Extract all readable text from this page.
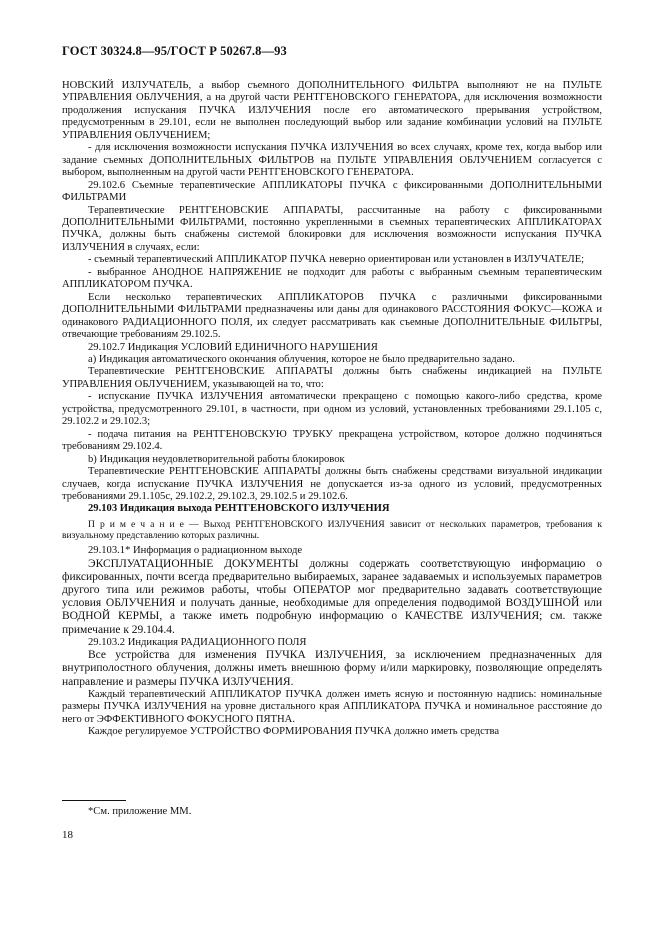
ГОСТ 30324.8—95/ГОСТ Р 50267.8—93

НОВСКИЙ ИЗЛУЧАТЕЛЬ, а выбор съемного ДОПОЛНИТЕЛЬНОГО ФИЛЬТРА выполняют не на ПУЛЬТЕ УПРАВЛЕНИЯ ОБЛУЧЕНИЯ, а на другой части РЕНТГЕНОВСКОГО ГЕНЕРАТОРА, для исключения возможности продолжения испускания ПУЧКА ИЗЛУЧЕНИЯ после его автоматического прерывания устройством, предусмотренным в 29.101, если не выполнен последующий выбор или задание комбинации условий на ПУЛЬТЕ УПРАВЛЕНИЯ ОБЛУЧЕНИЕМ;

- для исключения возможности испускания ПУЧКА ИЗЛУЧЕНИЯ во всех случаях, кроме тех, когда выбор или задание съемных ДОПОЛНИТЕЛЬНЫХ ФИЛЬТРОВ на ПУЛЬТЕ УПРАВЛЕНИЯ ОБЛУЧЕНИЕМ согласуется с выбором, выполненным на другой части РЕНТГЕНОВСКОГО ГЕНЕРАТОРА.

29.102.6 Съемные терапевтические АППЛИКАТОРЫ ПУЧКА с фиксированными ДОПОЛНИТЕЛЬНЫМИ ФИЛЬТРАМИ

Терапевтические РЕНТГЕНОВСКИЕ АППАРАТЫ, рассчитанные на работу с фиксированными ДОПОЛНИТЕЛЬНЫМИ ФИЛЬТРАМИ, постоянно укрепленными в съемных терапевтических АППЛИКАТОРАХ ПУЧКА, должны быть снабжены системой блокировки для исключения возможности испускания ПУЧКА ИЗЛУЧЕНИЯ в случаях, если:

- съемный терапевтический АППЛИКАТОР ПУЧКА неверно ориентирован или установлен в ИЗЛУЧАТЕЛЕ;

- выбранное АНОДНОЕ НАПРЯЖЕНИЕ не подходит для работы с выбранным съемным терапевтическим АППЛИКАТОРОМ ПУЧКА.

Если несколько терапевтических АППЛИКАТОРОВ ПУЧКА с различными фиксированными ДОПОЛНИТЕЛЬНЫМИ ФИЛЬТРАМИ предназначены или даны для одинакового РАССТОЯНИЯ ФОКУС—КОЖА и одинакового РАДИАЦИОННОГО ПОЛЯ, их следует рассматривать как съемные ДОПОЛНИТЕЛЬНЫЕ ФИЛЬТРЫ, отвечающие требованиям 29.102.5.

29.102.7 Индикация УСЛОВИЙ ЕДИНИЧНОГО НАРУШЕНИЯ

а) Индикация автоматического окончания облучения, которое не было предварительно задано.

Терапевтические РЕНТГЕНОВСКИЕ АППАРАТЫ должны быть снабжены индикацией на ПУЛЬТЕ УПРАВЛЕНИЯ ОБЛУЧЕНИЕМ, указывающей на то, что:

- испускание ПУЧКА ИЗЛУЧЕНИЯ автоматически прекращено с помощью какого-либо средства, кроме устройства, предусмотренного 29.101, в частности, при одном из условий, установленных требованиями 29.1.105 с, 29.102.2 и 29.102.3;

- подача питания на РЕНТГЕНОВСКУЮ ТРУБКУ прекращена устройством, которое должно подчиняться требованиям 29.102.4.

b) Индикация неудовлетворительной работы блокировок

Терапевтические РЕНТГЕНОВСКИЕ АППАРАТЫ должны быть снабжены средствами визуальной индикации случаев, когда испускание ПУЧКА ИЗЛУЧЕНИЯ не допускается из-за одного из условий, предусмотренных требованиями 29.1.105с, 29.102.2, 29.102.3, 29.102.5 и 29.102.6.

29.103 Индикация выхода РЕНТГЕНОВСКОГО ИЗЛУЧЕНИЯ

П р и м е ч а н и е — Выход РЕНТГЕНОВСКОГО ИЗЛУЧЕНИЯ зависит от нескольких параметров, требования к визуальному представлению которых различны.

29.103.1* Информация о радиационном выходе

ЭКСПЛУАТАЦИОННЫЕ ДОКУМЕНТЫ должны содержать соответствующую информацию о фиксированных, почти всегда предварительно выбираемых, заранее задаваемых и используемых параметров другого типа или режимов работы, чтобы ОПЕРАТОР мог предварительно задавать соответствующие условия ОБЛУЧЕНИЯ и получать данные, необходимые для определения подводимой ВОЗДУШНОЙ или ВОДНОЙ КЕРМЫ, а также иметь подробную информацию о КАЧЕСТВЕ ИЗЛУЧЕНИЯ; см. также примечание к 29.104.4.

29.103.2 Индикация РАДИАЦИОННОГО ПОЛЯ

Все устройства для изменения ПУЧКА ИЗЛУЧЕНИЯ, за исключением предназначенных для внутриполостного облучения, должны иметь внешнюю форму и/или маркировку, позволяющие определять направление и размеры ПУЧКА ИЗЛУЧЕНИЯ.

Каждый терапевтический АППЛИКАТОР ПУЧКА должен иметь ясную и постоянную надпись: номинальные размеры ПУЧКА ИЗЛУЧЕНИЯ на уровне дистального края АППЛИКАТОРА ПУЧКА и номинальное расстояние до него от ЭФФЕКТИВНОГО ФОКУСНОГО ПЯТНА.

Каждое регулируемое УСТРОЙСТВО ФОРМИРОВАНИЯ ПУЧКА должно иметь средства

*См. приложение ММ.
18
